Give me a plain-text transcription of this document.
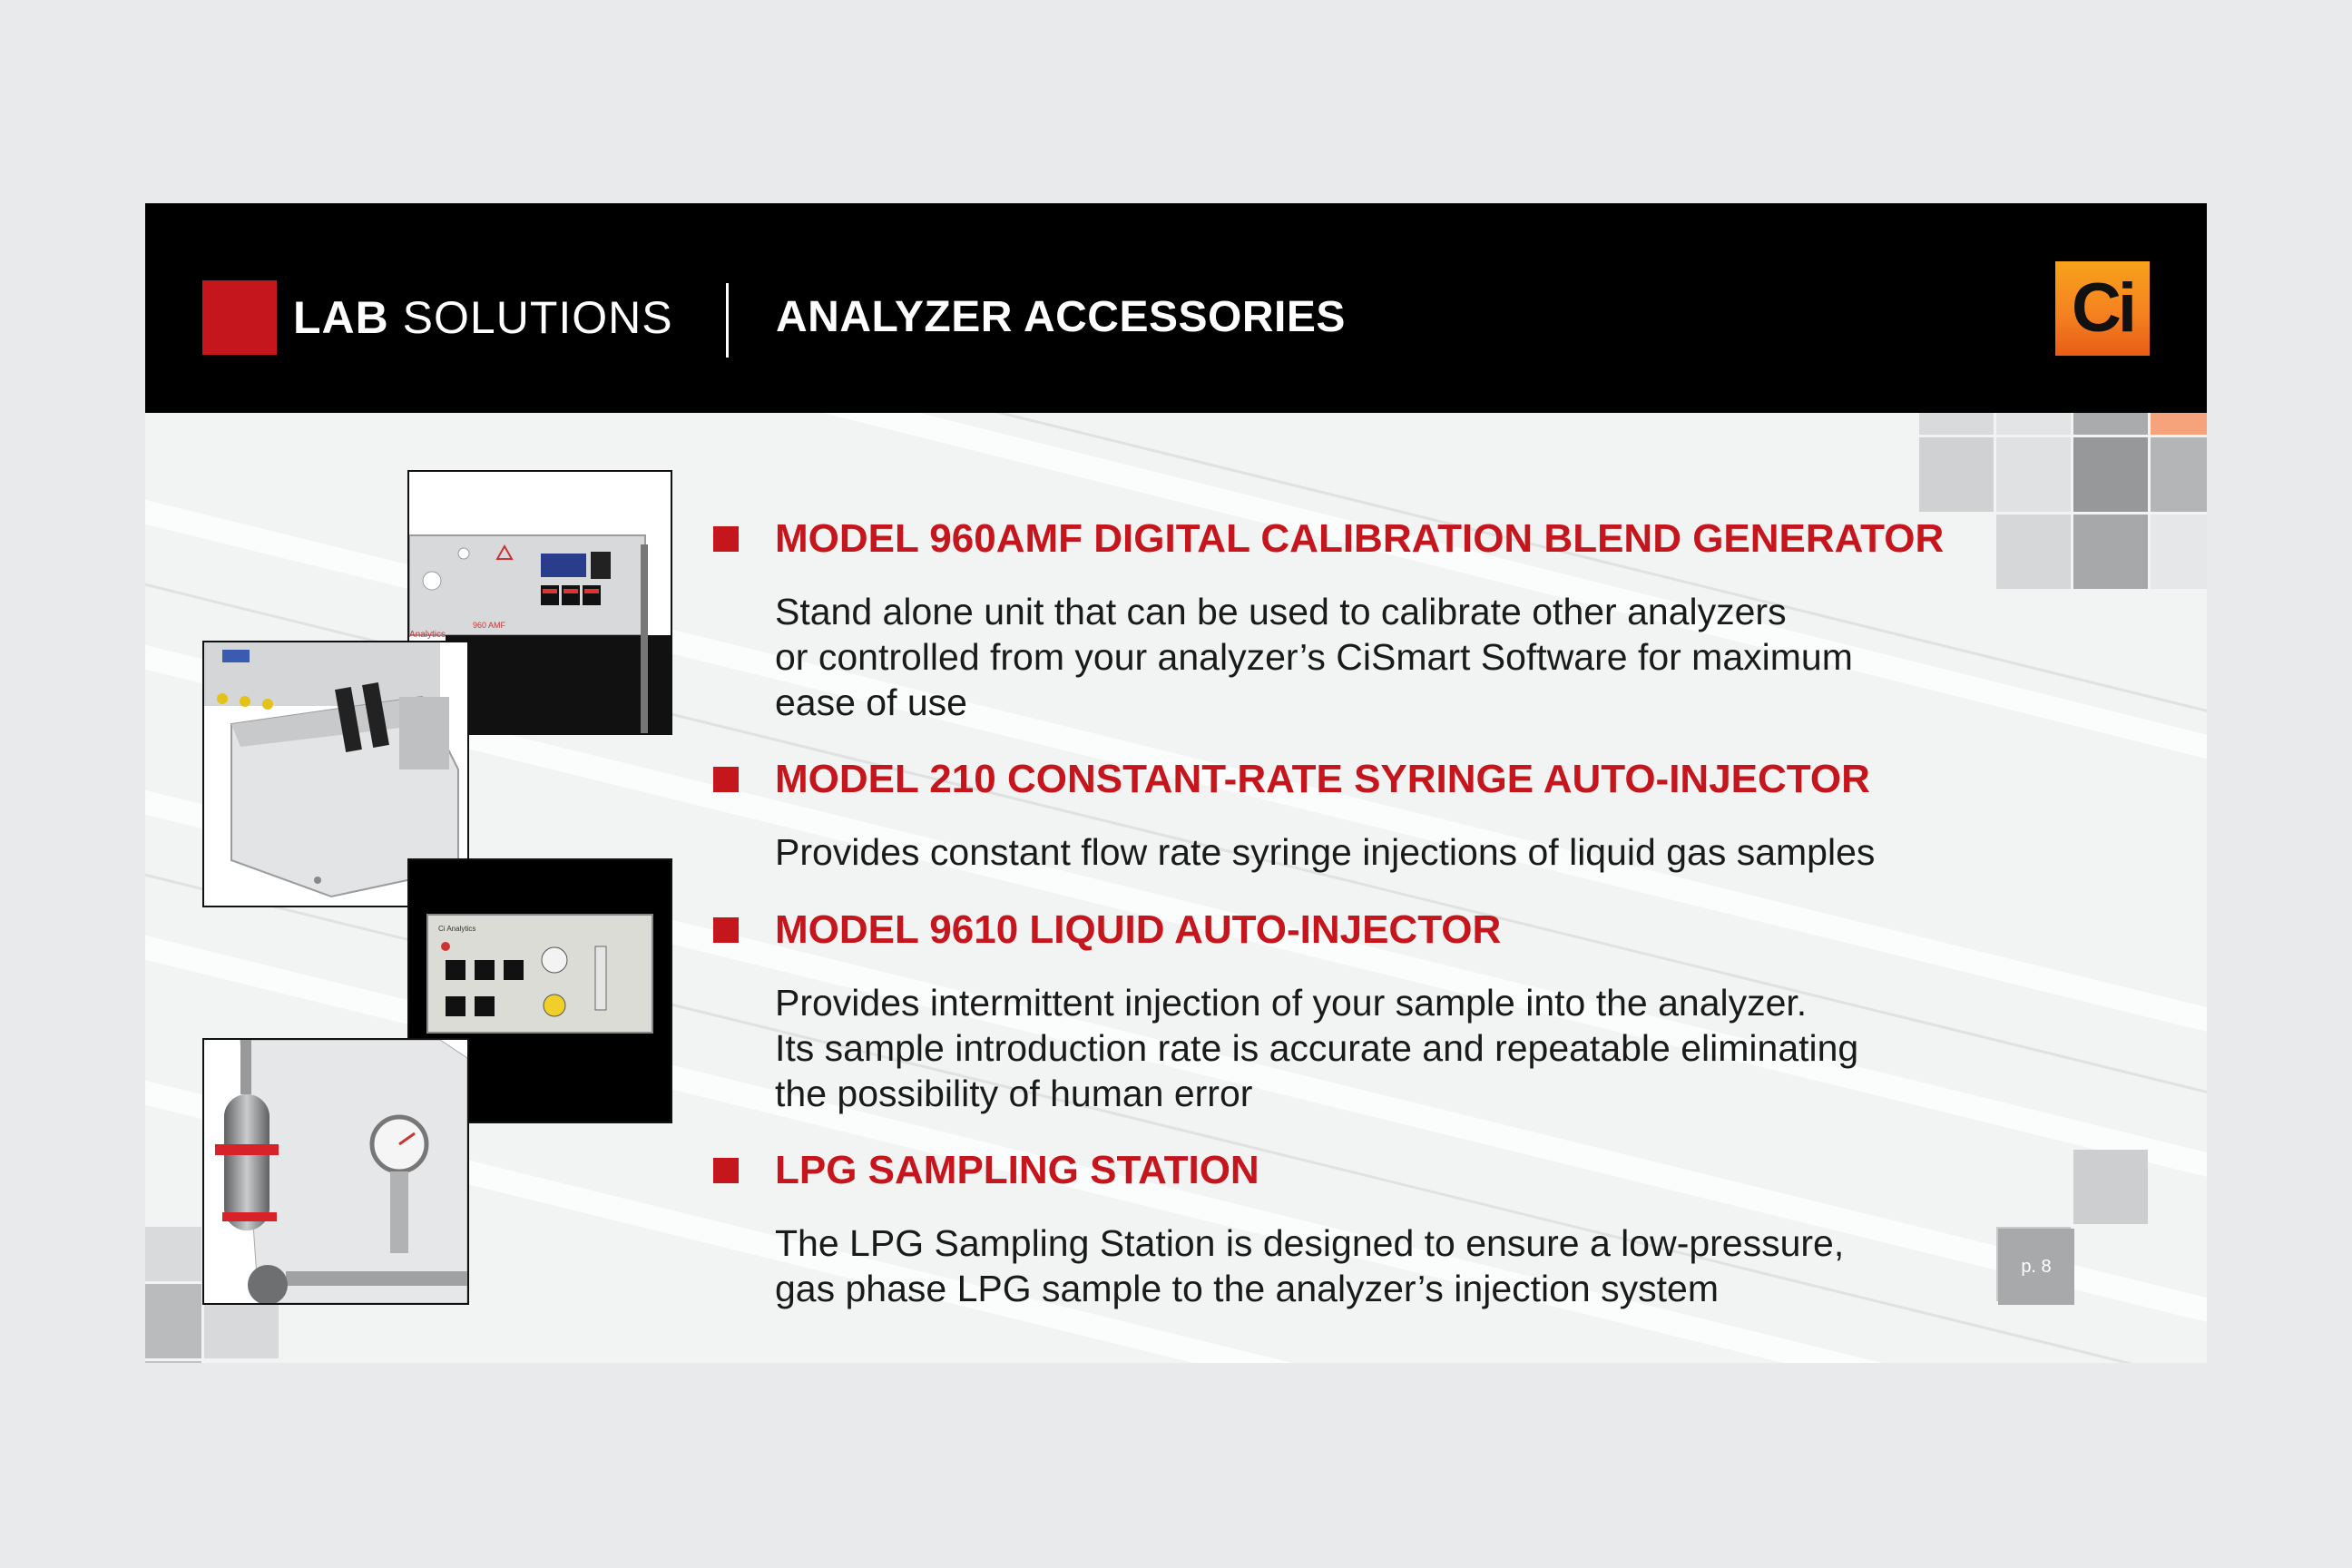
LAB SOLUTIONS ANALYZER ACCESSORIES	Ci
960 AMF
Analytics
Ci Analytics
MODEL 960AMF DIGITAL CALIBRATION BLEND GENERATOR
Stand alone unit that can be used to calibrate other analyzers
or controlled from your analyzer’s CiSmart Software for maximum
ease of use
MODEL 210 CONSTANT-RATE SYRINGE AUTO-INJECTOR
Provides constant flow rate syringe injections of liquid gas samples
MODEL 9610 LIQUID AUTO-INJECTOR
Provides intermittent injection of your sample into the analyzer.
Its sample introduction rate is accurate and repeatable eliminating
the possibility of human error
LPG SAMPLING STATION
The LPG Sampling Station is designed to ensure a low-pressure,
gas phase LPG sample to the analyzer’s injection system
p. 8
